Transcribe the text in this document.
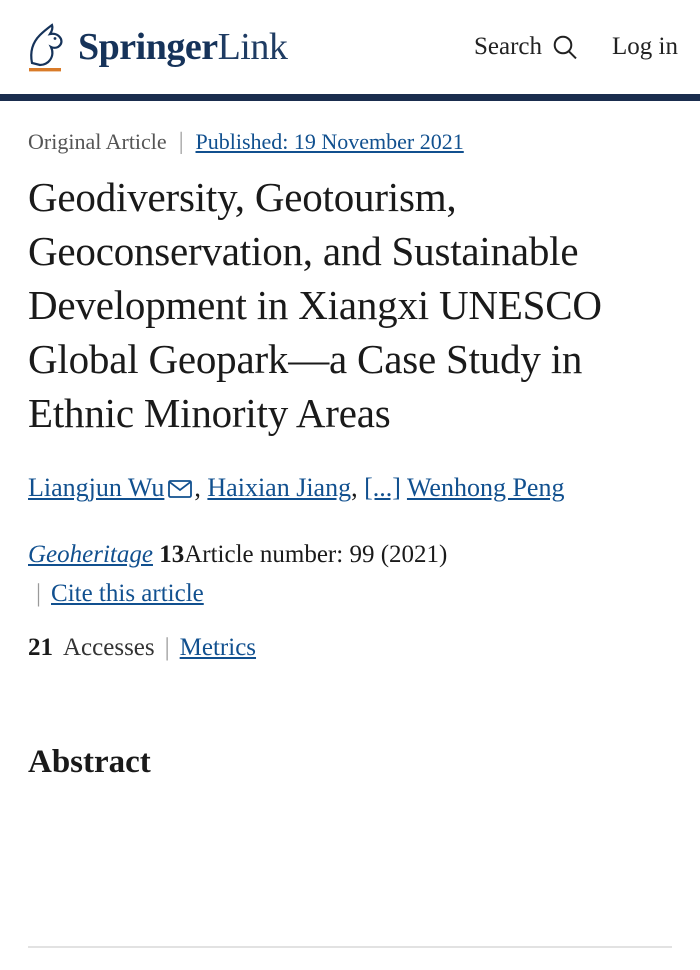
SpringerLink	Search	Log in
Original Article | Published: 19 November 2021
Geodiversity, Geotourism, Geoconservation, and Sustainable Development in Xiangxi UNESCO Global Geopark—a Case Study in Ethnic Minority Areas
Liangjun Wu , Haixian Jiang, [...] Wenhong Peng
Geoheritage 13Article number: 99 (2021)
| Cite this article
21 Accesses | Metrics
Abstract
